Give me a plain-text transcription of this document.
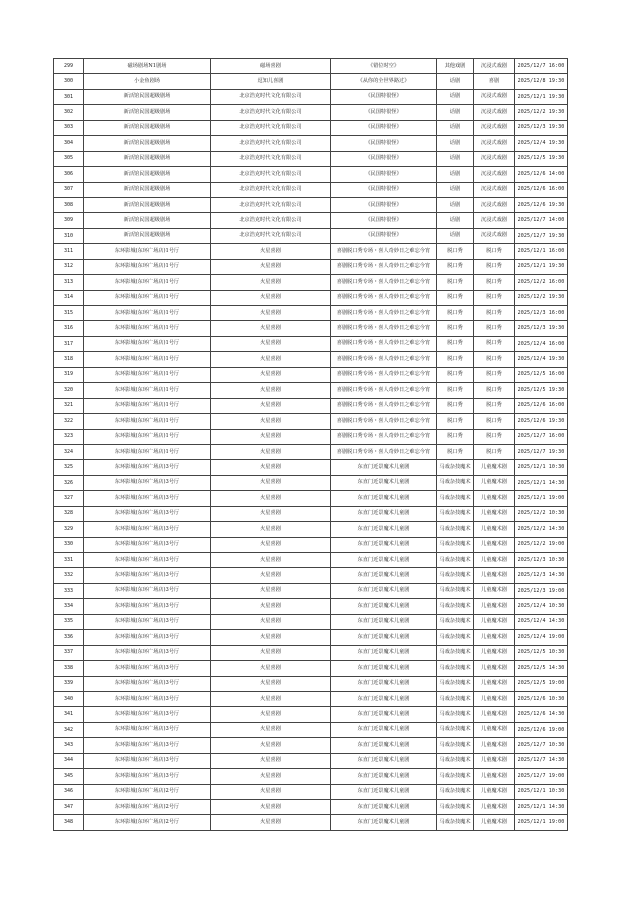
299	磁场剧场N1剧场	磁场喜剧	《错位时空》	其他戏剧	沉浸式戏剧	2025/12/7 16:00
300	小金鱼剧场	逗知儿喜剧	《从你的全世界路过》	话剧	喜剧	2025/12/8 19:30
301	新活馆民国超级剧场	北京浩克时代文化有限公司	《民国特很怪》	话剧	沉浸式戏剧	2025/12/1 19:30
302	新活馆民国超级剧场	北京浩克时代文化有限公司	《民国特很怪》	话剧	沉浸式戏剧	2025/12/2 19:30
303	新活馆民国超级剧场	北京浩克时代文化有限公司	《民国特很怪》	话剧	沉浸式戏剧	2025/12/3 19:30
304	新活馆民国超级剧场	北京浩克时代文化有限公司	《民国特很怪》	话剧	沉浸式戏剧	2025/12/4 19:30
305	新活馆民国超级剧场	北京浩克时代文化有限公司	《民国特很怪》	话剧	沉浸式戏剧	2025/12/5 19:30
306	新活馆民国超级剧场	北京浩克时代文化有限公司	《民国特很怪》	话剧	沉浸式戏剧	2025/12/6 14:00
307	新活馆民国超级剧场	北京浩克时代文化有限公司	《民国特很怪》	话剧	沉浸式戏剧	2025/12/6 16:00
308	新活馆民国超级剧场	北京浩克时代文化有限公司	《民国特很怪》	话剧	沉浸式戏剧	2025/12/6 19:30
309	新活馆民国超级剧场	北京浩克时代文化有限公司	《民国特很怪》	话剧	沉浸式戏剧	2025/12/7 14:00
310	新活馆民国超级剧场	北京浩克时代文化有限公司	《民国特很怪》	话剧	沉浸式戏剧	2025/12/7 19:30
311	东环影城(东环广场店)1号厅	火星喜剧	喜剧脱口秀专场・喜人奇妙日之难忘今宵	脱口秀	脱口秀	2025/12/1 16:00
312	东环影城(东环广场店)1号厅	火星喜剧	喜剧脱口秀专场・喜人奇妙日之难忘今宵	脱口秀	脱口秀	2025/12/1 19:30
313	东环影城(东环广场店)1号厅	火星喜剧	喜剧脱口秀专场・喜人奇妙日之难忘今宵	脱口秀	脱口秀	2025/12/2 16:00
314	东环影城(东环广场店)1号厅	火星喜剧	喜剧脱口秀专场・喜人奇妙日之难忘今宵	脱口秀	脱口秀	2025/12/2 19:30
315	东环影城(东环广场店)1号厅	火星喜剧	喜剧脱口秀专场・喜人奇妙日之难忘今宵	脱口秀	脱口秀	2025/12/3 16:00
316	东环影城(东环广场店)1号厅	火星喜剧	喜剧脱口秀专场・喜人奇妙日之难忘今宵	脱口秀	脱口秀	2025/12/3 19:30
317	东环影城(东环广场店)1号厅	火星喜剧	喜剧脱口秀专场・喜人奇妙日之难忘今宵	脱口秀	脱口秀	2025/12/4 16:00
318	东环影城(东环广场店)1号厅	火星喜剧	喜剧脱口秀专场・喜人奇妙日之难忘今宵	脱口秀	脱口秀	2025/12/4 19:30
319	东环影城(东环广场店)1号厅	火星喜剧	喜剧脱口秀专场・喜人奇妙日之难忘今宵	脱口秀	脱口秀	2025/12/5 16:00
320	东环影城(东环广场店)1号厅	火星喜剧	喜剧脱口秀专场・喜人奇妙日之难忘今宵	脱口秀	脱口秀	2025/12/5 19:30
321	东环影城(东环广场店)1号厅	火星喜剧	喜剧脱口秀专场・喜人奇妙日之难忘今宵	脱口秀	脱口秀	2025/12/6 16:00
322	东环影城(东环广场店)1号厅	火星喜剧	喜剧脱口秀专场・喜人奇妙日之难忘今宵	脱口秀	脱口秀	2025/12/6 19:30
323	东环影城(东环广场店)1号厅	火星喜剧	喜剧脱口秀专场・喜人奇妙日之难忘今宵	脱口秀	脱口秀	2025/12/7 16:00
324	东环影城(东环广场店)1号厅	火星喜剧	喜剧脱口秀专场・喜人奇妙日之难忘今宵	脱口秀	脱口秀	2025/12/7 19:30
325	东环影城(东环广场店)3号厅	火星喜剧	东直门近景魔术儿童剧	马戏杂技魔术	儿童魔术剧	2025/12/1 10:30
326	东环影城(东环广场店)3号厅	火星喜剧	东直门近景魔术儿童剧	马戏杂技魔术	儿童魔术剧	2025/12/1 14:30
327	东环影城(东环广场店)3号厅	火星喜剧	东直门近景魔术儿童剧	马戏杂技魔术	儿童魔术剧	2025/12/1 19:00
328	东环影城(东环广场店)3号厅	火星喜剧	东直门近景魔术儿童剧	马戏杂技魔术	儿童魔术剧	2025/12/2 10:30
329	东环影城(东环广场店)3号厅	火星喜剧	东直门近景魔术儿童剧	马戏杂技魔术	儿童魔术剧	2025/12/2 14:30
330	东环影城(东环广场店)3号厅	火星喜剧	东直门近景魔术儿童剧	马戏杂技魔术	儿童魔术剧	2025/12/2 19:00
331	东环影城(东环广场店)3号厅	火星喜剧	东直门近景魔术儿童剧	马戏杂技魔术	儿童魔术剧	2025/12/3 10:30
332	东环影城(东环广场店)3号厅	火星喜剧	东直门近景魔术儿童剧	马戏杂技魔术	儿童魔术剧	2025/12/3 14:30
333	东环影城(东环广场店)3号厅	火星喜剧	东直门近景魔术儿童剧	马戏杂技魔术	儿童魔术剧	2025/12/3 19:00
334	东环影城(东环广场店)3号厅	火星喜剧	东直门近景魔术儿童剧	马戏杂技魔术	儿童魔术剧	2025/12/4 10:30
335	东环影城(东环广场店)3号厅	火星喜剧	东直门近景魔术儿童剧	马戏杂技魔术	儿童魔术剧	2025/12/4 14:30
336	东环影城(东环广场店)3号厅	火星喜剧	东直门近景魔术儿童剧	马戏杂技魔术	儿童魔术剧	2025/12/4 19:00
337	东环影城(东环广场店)3号厅	火星喜剧	东直门近景魔术儿童剧	马戏杂技魔术	儿童魔术剧	2025/12/5 10:30
338	东环影城(东环广场店)3号厅	火星喜剧	东直门近景魔术儿童剧	马戏杂技魔术	儿童魔术剧	2025/12/5 14:30
339	东环影城(东环广场店)3号厅	火星喜剧	东直门近景魔术儿童剧	马戏杂技魔术	儿童魔术剧	2025/12/5 19:00
340	东环影城(东环广场店)3号厅	火星喜剧	东直门近景魔术儿童剧	马戏杂技魔术	儿童魔术剧	2025/12/6 10:30
341	东环影城(东环广场店)3号厅	火星喜剧	东直门近景魔术儿童剧	马戏杂技魔术	儿童魔术剧	2025/12/6 14:30
342	东环影城(东环广场店)3号厅	火星喜剧	东直门近景魔术儿童剧	马戏杂技魔术	儿童魔术剧	2025/12/6 19:00
343	东环影城(东环广场店)3号厅	火星喜剧	东直门近景魔术儿童剧	马戏杂技魔术	儿童魔术剧	2025/12/7 10:30
344	东环影城(东环广场店)3号厅	火星喜剧	东直门近景魔术儿童剧	马戏杂技魔术	儿童魔术剧	2025/12/7 14:30
345	东环影城(东环广场店)3号厅	火星喜剧	东直门近景魔术儿童剧	马戏杂技魔术	儿童魔术剧	2025/12/7 19:00
346	东环影城(东环广场店)2号厅	火星喜剧	东直门近景魔术儿童剧	马戏杂技魔术	儿童魔术剧	2025/12/1 10:30
347	东环影城(东环广场店)2号厅	火星喜剧	东直门近景魔术儿童剧	马戏杂技魔术	儿童魔术剧	2025/12/1 14:30
348	东环影城(东环广场店)2号厅	火星喜剧	东直门近景魔术儿童剧	马戏杂技魔术	儿童魔术剧	2025/12/1 19:00
